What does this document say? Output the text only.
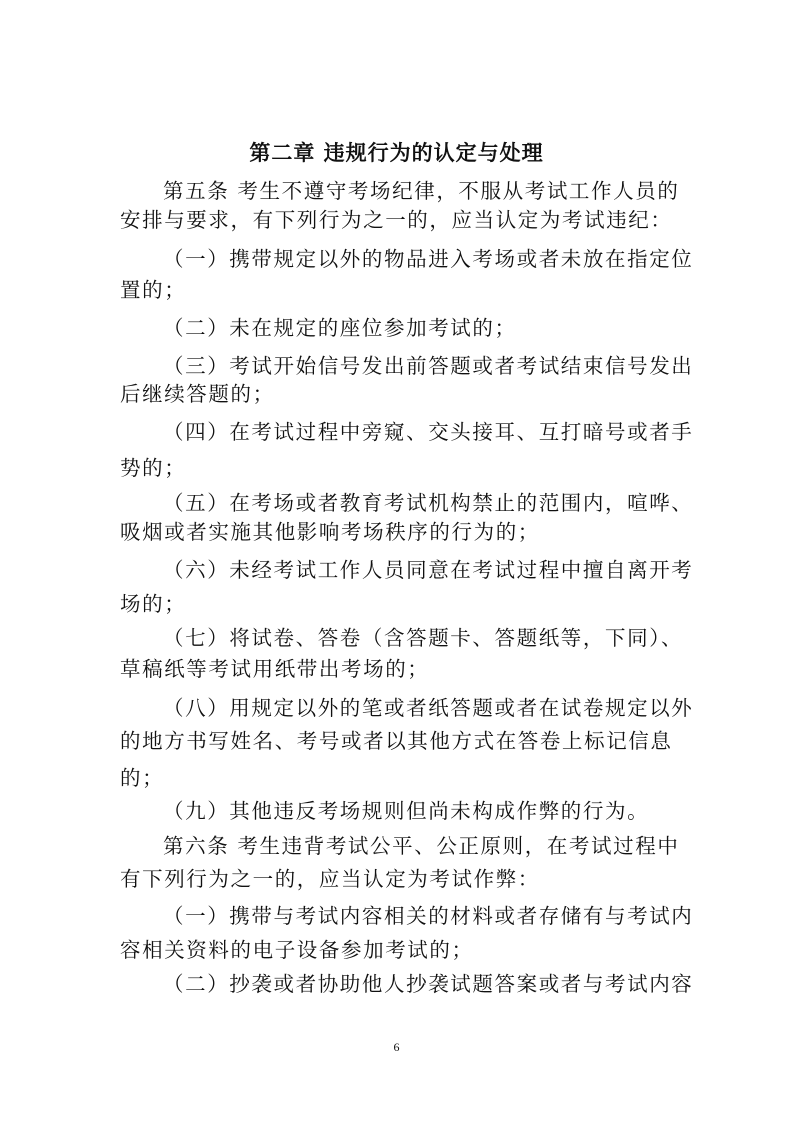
第二章 违规行为的认定与处理
第五条 考生不遵守考场纪律，不服从考试工作人员的
安排与要求，有下列行为之一的，应当认定为考试违纪：
（一）携带规定以外的物品进入考场或者未放在指定位
置的；
（二）未在规定的座位参加考试的；
（三）考试开始信号发出前答题或者考试结束信号发出
后继续答题的；
（四）在考试过程中旁窥、交头接耳、互打暗号或者手
势的；
（五）在考场或者教育考试机构禁止的范围内，喧哗、
吸烟或者实施其他影响考场秩序的行为的；
（六）未经考试工作人员同意在考试过程中擅自离开考
场的；
（七）将试卷、答卷（含答题卡、答题纸等，下同）、
草稿纸等考试用纸带出考场的；
（八）用规定以外的笔或者纸答题或者在试卷规定以外
的地方书写姓名、考号或者以其他方式在答卷上标记信息
的；
（九）其他违反考场规则但尚未构成作弊的行为。
第六条 考生违背考试公平、公正原则，在考试过程中
有下列行为之一的，应当认定为考试作弊：
（一）携带与考试内容相关的材料或者存储有与考试内
容相关资料的电子设备参加考试的；
（二）抄袭或者协助他人抄袭试题答案或者与考试内容
6
